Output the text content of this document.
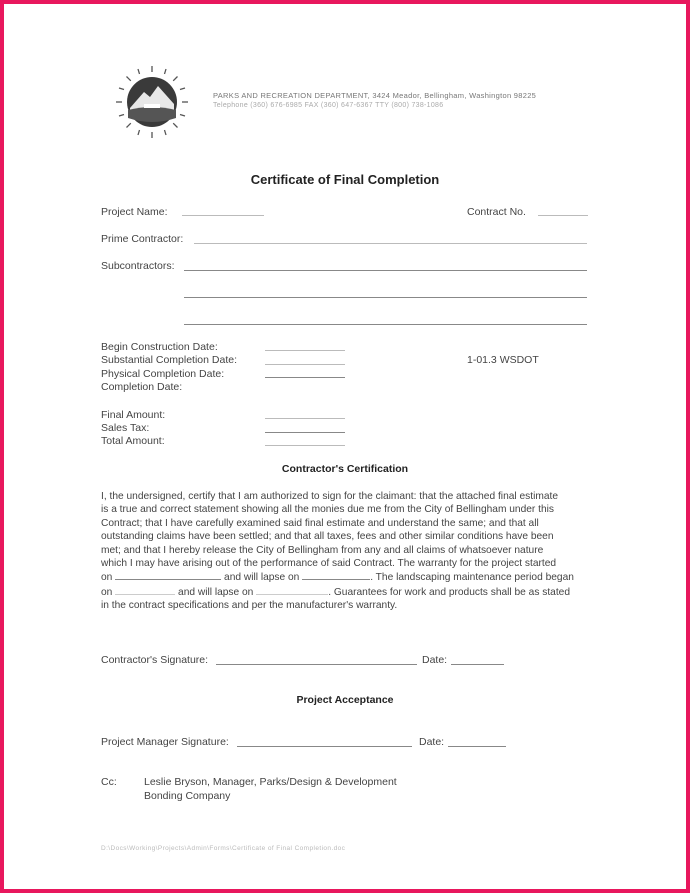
PARKS AND RECREATION DEPARTMENT, 3424 Meador, Bellingham, Washington 98225
Telephone (360) 676-6985 FAX (360) 647-6367 TTY (800) 738-1086
Certificate of Final Completion
Project Name:	Contract No.
Prime Contractor:
Subcontractors:
Begin Construction Date:
Substantial Completion Date:	1-01.3 WSDOT
Physical Completion Date:
Completion Date:
Final Amount:
Sales Tax:
Total Amount:
Contractor's Certification
I, the undersigned, certify that I am authorized to sign for the claimant: that the attached final estimate
is a true and correct statement showing all the monies due me from the City of Bellingham under this
Contract; that I have carefully examined said final estimate and understand the same; and that all
outstanding claims have been settled; and that all taxes, fees and other similar conditions have been
met; and that I hereby release the City of Bellingham from any and all claims of whatsoever nature
which I may have arising out of the performance of said Contract. The warranty for the project started
on	and will lapse on	. The landscaping maintenance period began
on	and will lapse on	. Guarantees for work and products shall be as stated
in the contract specifications and per the manufacturer's warranty.
Contractor's Signature:	Date:
Project Acceptance
Project Manager Signature:	Date:
Cc:	Leslie Bryson, Manager, Parks/Design & Development
Bonding Company
D:\Docs\Working\Projects\Admin\Forms\Certificate of Final Completion.doc
